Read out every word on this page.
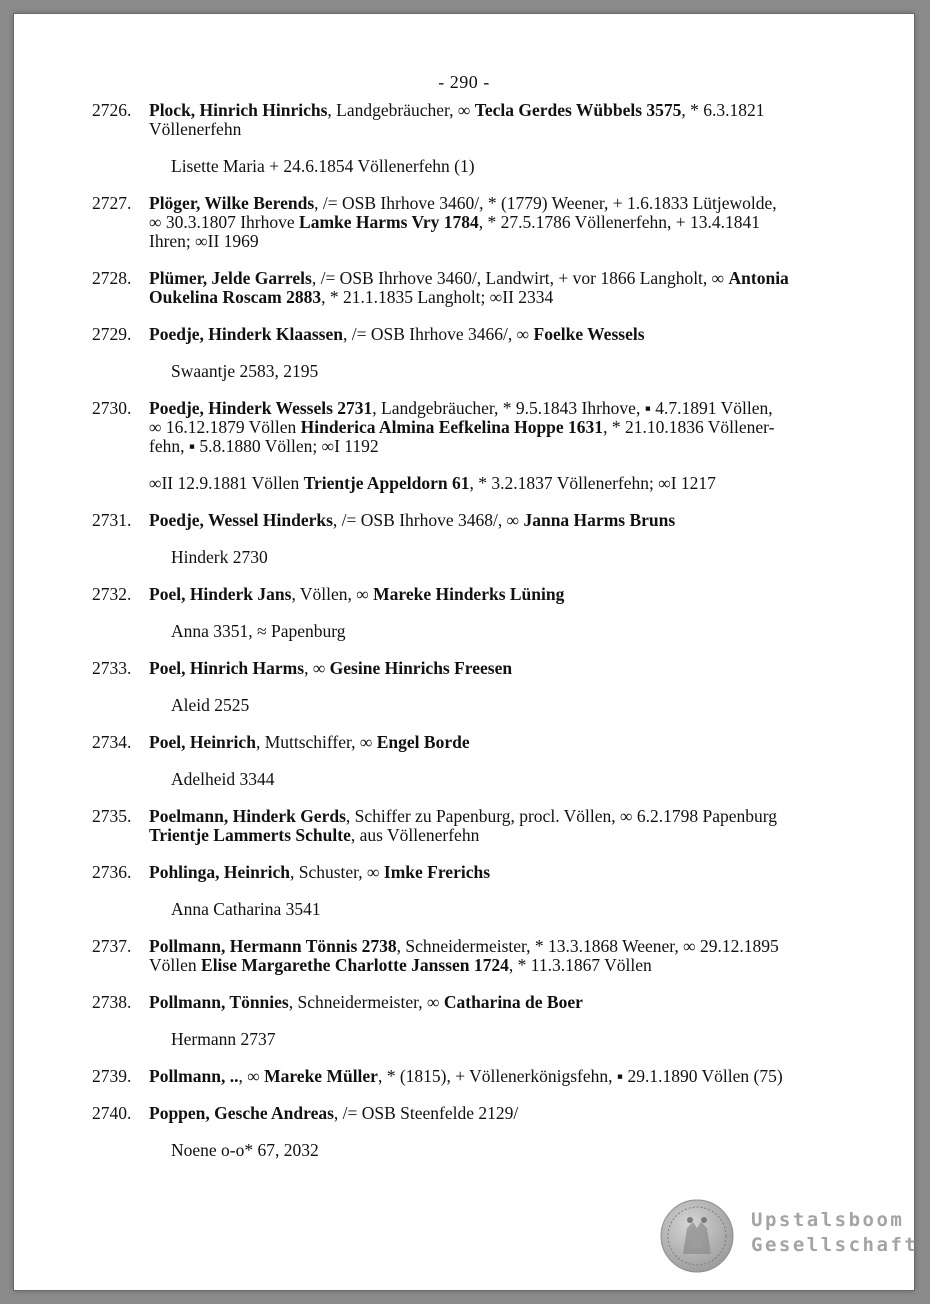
- 290 -
2726.	Plock, Hinrich Hinrichs, Landgebräucher, ∞ Tecla Gerdes Wübbels 3575, * 6.3.1821

Völlenerfehn

Lisette Maria + 24.6.1854 Völlenerfehn (1)
2727.	Plöger, Wilke Berends, /= OSB Ihrhove 3460/, * (1779) Weener, + 1.6.1833 Lütjewolde,

∞ 30.3.1807 Ihrhove Lamke Harms Vry 1784, * 27.5.1786 Völlenerfehn, + 13.4.1841

Ihren; ∞II 1969

2728.	Plümer, Jelde Garrels, /= OSB Ihrhove 3460/, Landwirt, + vor 1866 Langholt, ∞ Antonia

Oukelina Roscam 2883, * 21.1.1835 Langholt; ∞II 2334

2729.	Poedje, Hinderk Klaassen, /= OSB Ihrhove 3466/, ∞ Foelke Wessels

Swaantje 2583, 2195
2730.	Poedje, Hinderk Wessels 2731, Landgebräucher, * 9.5.1843 Ihrhove, ▪ 4.7.1891 Völlen,

∞ 16.12.1879 Völlen Hinderica Almina Eefkelina Hoppe 1631, * 21.10.1836 Völlener-

fehn, ▪ 5.8.1880 Völlen; ∞I 1192

∞II 12.9.1881 Völlen Trientje Appeldorn 61, * 3.2.1837 Völlenerfehn; ∞I 1217
2731.	Poedje, Wessel Hinderks, /= OSB Ihrhove 3468/, ∞ Janna Harms Bruns

Hinderk 2730
2732.	Poel, Hinderk Jans, Völlen, ∞ Mareke Hinderks Lüning

Anna 3351, ≈ Papenburg
2733.	Poel, Hinrich Harms, ∞ Gesine Hinrichs Freesen

Aleid 2525
2734.	Poel, Heinrich, Muttschiffer, ∞ Engel Borde

Adelheid 3344
2735.	Poelmann, Hinderk Gerds, Schiffer zu Papenburg, procl. Völlen, ∞ 6.2.1798 Papenburg

Trientje Lammerts Schulte, aus Völlenerfehn

2736.	Pohlinga, Heinrich, Schuster, ∞ Imke Frerichs

Anna Catharina 3541
2737.	Pollmann, Hermann Tönnis 2738, Schneidermeister, * 13.3.1868 Weener, ∞ 29.12.1895

Völlen Elise Margarethe Charlotte Janssen 1724, * 11.3.1867 Völlen

2738.	Pollmann, Tönnies, Schneidermeister, ∞ Catharina de Boer

Hermann 2737
2739.	Pollmann, .., ∞ Mareke Müller, * (1815), + Völlenerkönigsfehn, ▪ 29.1.1890 Völlen (75)

2740.	Poppen, Gesche Andreas, /= OSB Steenfelde 2129/

Noene o-o* 67, 2032
Upstalsboom
Gesellschaft
